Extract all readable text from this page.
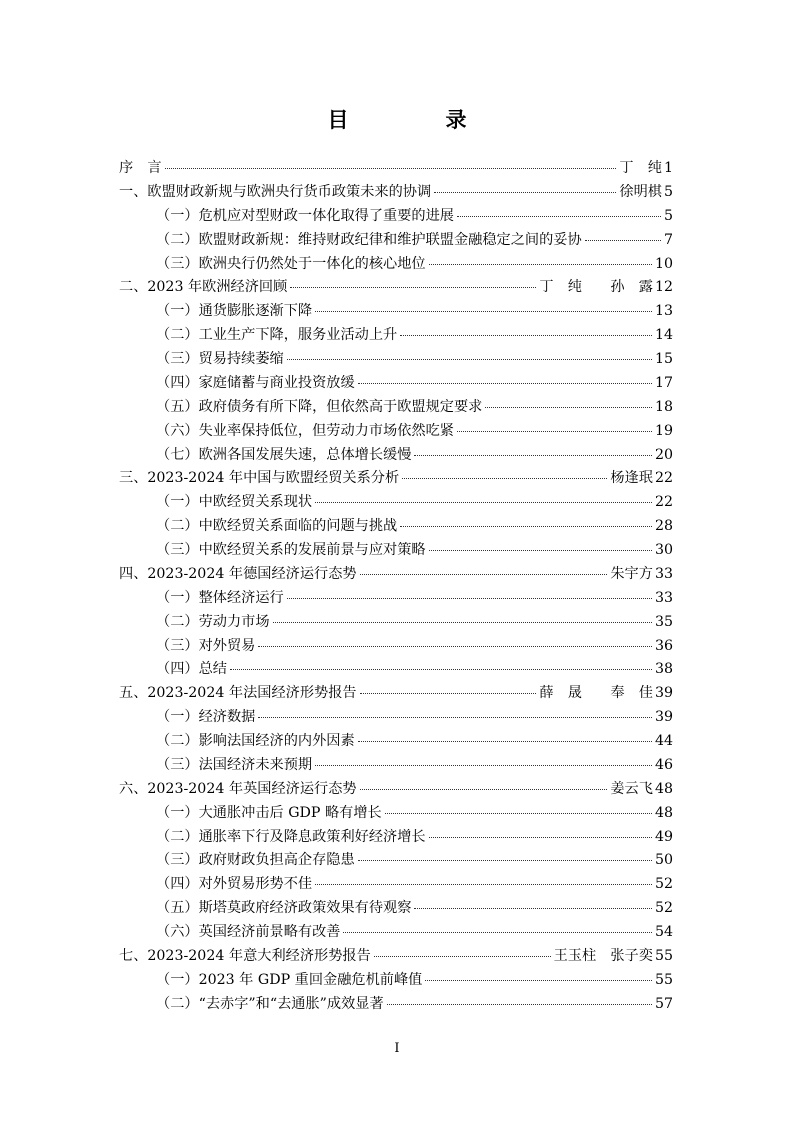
目　录
序　言	丁　纯 1
一、欧盟财政新规与欧洲央行货币政策未来的协调	徐明棋 5
（一）危机应对型财政一体化取得了重要的进展	5
（二）欧盟财政新规：维持财政纪律和维护联盟金融稳定之间的妥协	7
（三）欧洲央行仍然处于一体化的核心地位	10
二、2023 年欧洲经济回顾	丁　纯　　孙　露 12
（一）通货膨胀逐渐下降	13
（二）工业生产下降，服务业活动上升	14
（三）贸易持续萎缩	15
（四）家庭储蓄与商业投资放缓	17
（五）政府债务有所下降，但依然高于欧盟规定要求	18
（六）失业率保持低位，但劳动力市场依然吃紧	19
（七）欧洲各国发展失速，总体增长缓慢	20
三、2023-2024 年中国与欧盟经贸关系分析	杨逢珉 22
（一）中欧经贸关系现状	22
（二）中欧经贸关系面临的问题与挑战	28
（三）中欧经贸关系的发展前景与应对策略	30
四、2023-2024 年德国经济运行态势	朱宇方 33
（一）整体经济运行	33
（二）劳动力市场	35
（三）对外贸易	36
（四）总结	38
五、2023-2024 年法国经济形势报告	薛　晟　　奉　佳 39
（一）经济数据	39
（二）影响法国经济的内外因素	44
（三）法国经济未来预期	46
六、2023-2024 年英国经济运行态势	姜云飞 48
（一）大通胀冲击后 GDP 略有增长	48
（二）通胀率下行及降息政策利好经济增长	49
（三）政府财政负担高企存隐患	50
（四）对外贸易形势不佳	52
（五）斯塔莫政府经济政策效果有待观察	52
（六）英国经济前景略有改善	54
七、2023-2024 年意大利经济形势报告	王玉柱　张子奕 55
（一）2023 年 GDP 重回金融危机前峰值	55
（二）“去赤字”和“去通胀”成效显著	57
I
